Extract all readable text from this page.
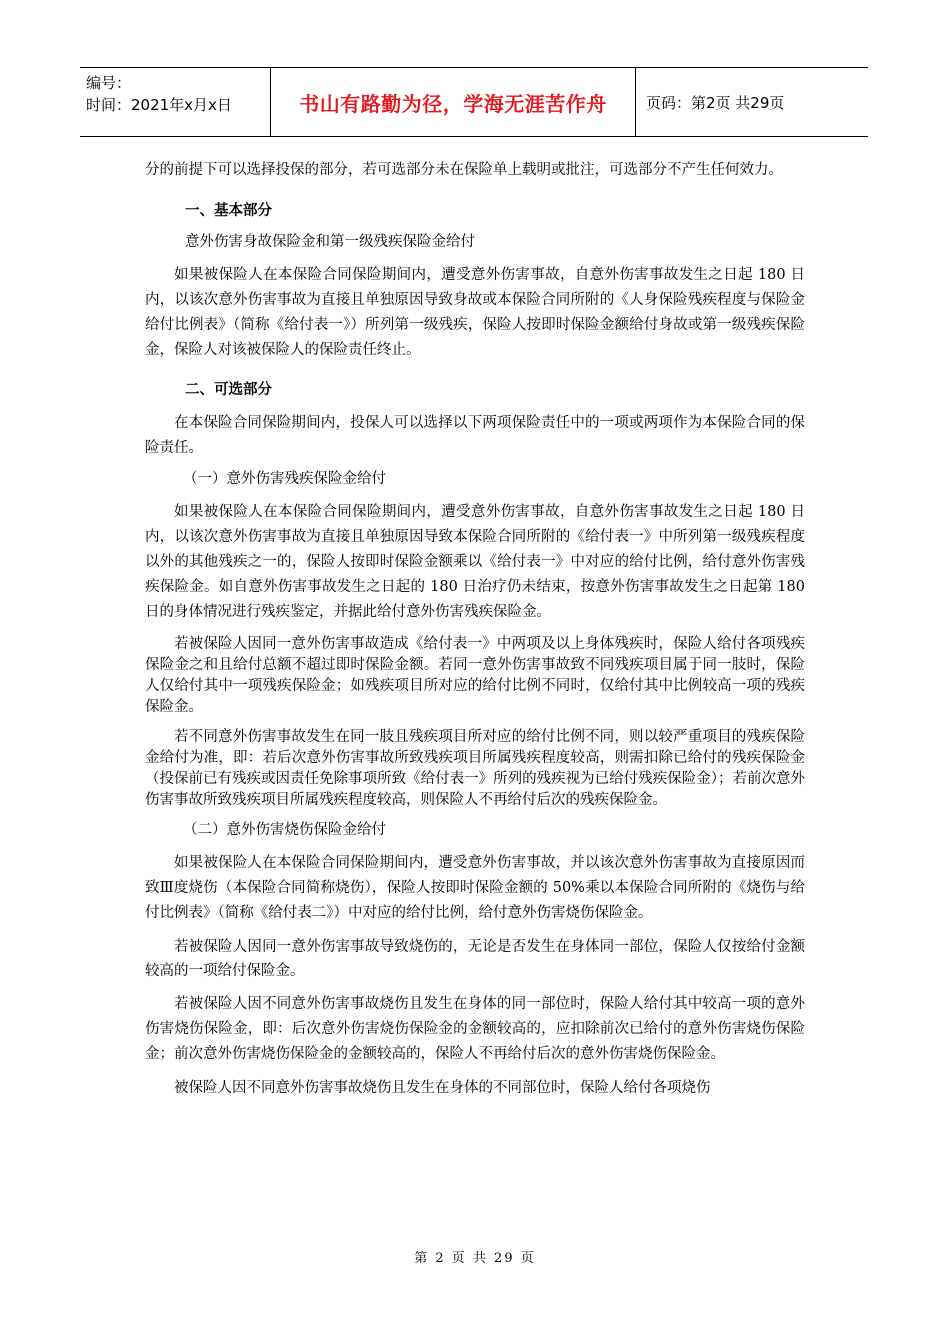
编号：
时间：2021年x月x日	书山有路勤为径，学海无涯苦作舟	页码：第2页 共29页

分的前提下可以选择投保的部分，若可选部分未在保险单上载明或批注，可选部分不产生任何效力。

一、基本部分

意外伤害身故保险金和第一级残疾保险金给付

如果被保险人在本保险合同保险期间内，遭受意外伤害事故，自意外伤害事故发生之日起 180 日内，以该次意外伤害事故为直接且单独原因导致身故或本保险合同所附的《人身保险残疾程度与保险金给付比例表》（简称《给付表一》）所列第一级残疾，保险人按即时保险金额给付身故或第一级残疾保险金，保险人对该被保险人的保险责任终止。

二、可选部分

在本保险合同保险期间内，投保人可以选择以下两项保险责任中的一项或两项作为本保险合同的保险责任。

（一）意外伤害残疾保险金给付

如果被保险人在本保险合同保险期间内，遭受意外伤害事故，自意外伤害事故发生之日起 180 日内，以该次意外伤害事故为直接且单独原因导致本保险合同所附的《给付表一》中所列第一级残疾程度以外的其他残疾之一的，保险人按即时保险金额乘以《给付表一》中对应的给付比例，给付意外伤害残疾保险金。如自意外伤害事故发生之日起的 180 日治疗仍未结束，按意外伤害事故发生之日起第 180 日的身体情况进行残疾鉴定，并据此给付意外伤害残疾保险金。

若被保险人因同一意外伤害事故造成《给付表一》中两项及以上身体残疾时，保险人给付各项残疾保险金之和且给付总额不超过即时保险金额。若同一意外伤害事故致不同残疾项目属于同一肢时，保险人仅给付其中一项残疾保险金；如残疾项目所对应的给付比例不同时，仅给付其中比例较高一项的残疾保险金。

若不同意外伤害事故发生在同一肢且残疾项目所对应的给付比例不同，则以较严重项目的残疾保险金给付为准，即：若后次意外伤害事故所致残疾项目所属残疾程度较高，则需扣除已给付的残疾保险金（投保前已有残疾或因责任免除事项所致《给付表一》所列的残疾视为已给付残疾保险金）；若前次意外伤害事故所致残疾项目所属残疾程度较高，则保险人不再给付后次的残疾保险金。

（二）意外伤害烧伤保险金给付

如果被保险人在本保险合同保险期间内，遭受意外伤害事故，并以该次意外伤害事故为直接原因而致Ⅲ度烧伤（本保险合同简称烧伤），保险人按即时保险金额的 50%乘以本保险合同所附的《烧伤与给付比例表》（简称《给付表二》）中对应的给付比例，给付意外伤害烧伤保险金。

若被保险人因同一意外伤害事故导致烧伤的，无论是否发生在身体同一部位，保险人仅按给付金额较高的一项给付保险金。

若被保险人因不同意外伤害事故烧伤且发生在身体的同一部位时，保险人给付其中较高一项的意外伤害烧伤保险金，即：后次意外伤害烧伤保险金的金额较高的，应扣除前次已给付的意外伤害烧伤保险金；前次意外伤害烧伤保险金的金额较高的，保险人不再给付后次的意外伤害烧伤保险金。

被保险人因不同意外伤害事故烧伤且发生在身体的不同部位时，保险人给付各项烧伤

第 2 页 共 29 页
